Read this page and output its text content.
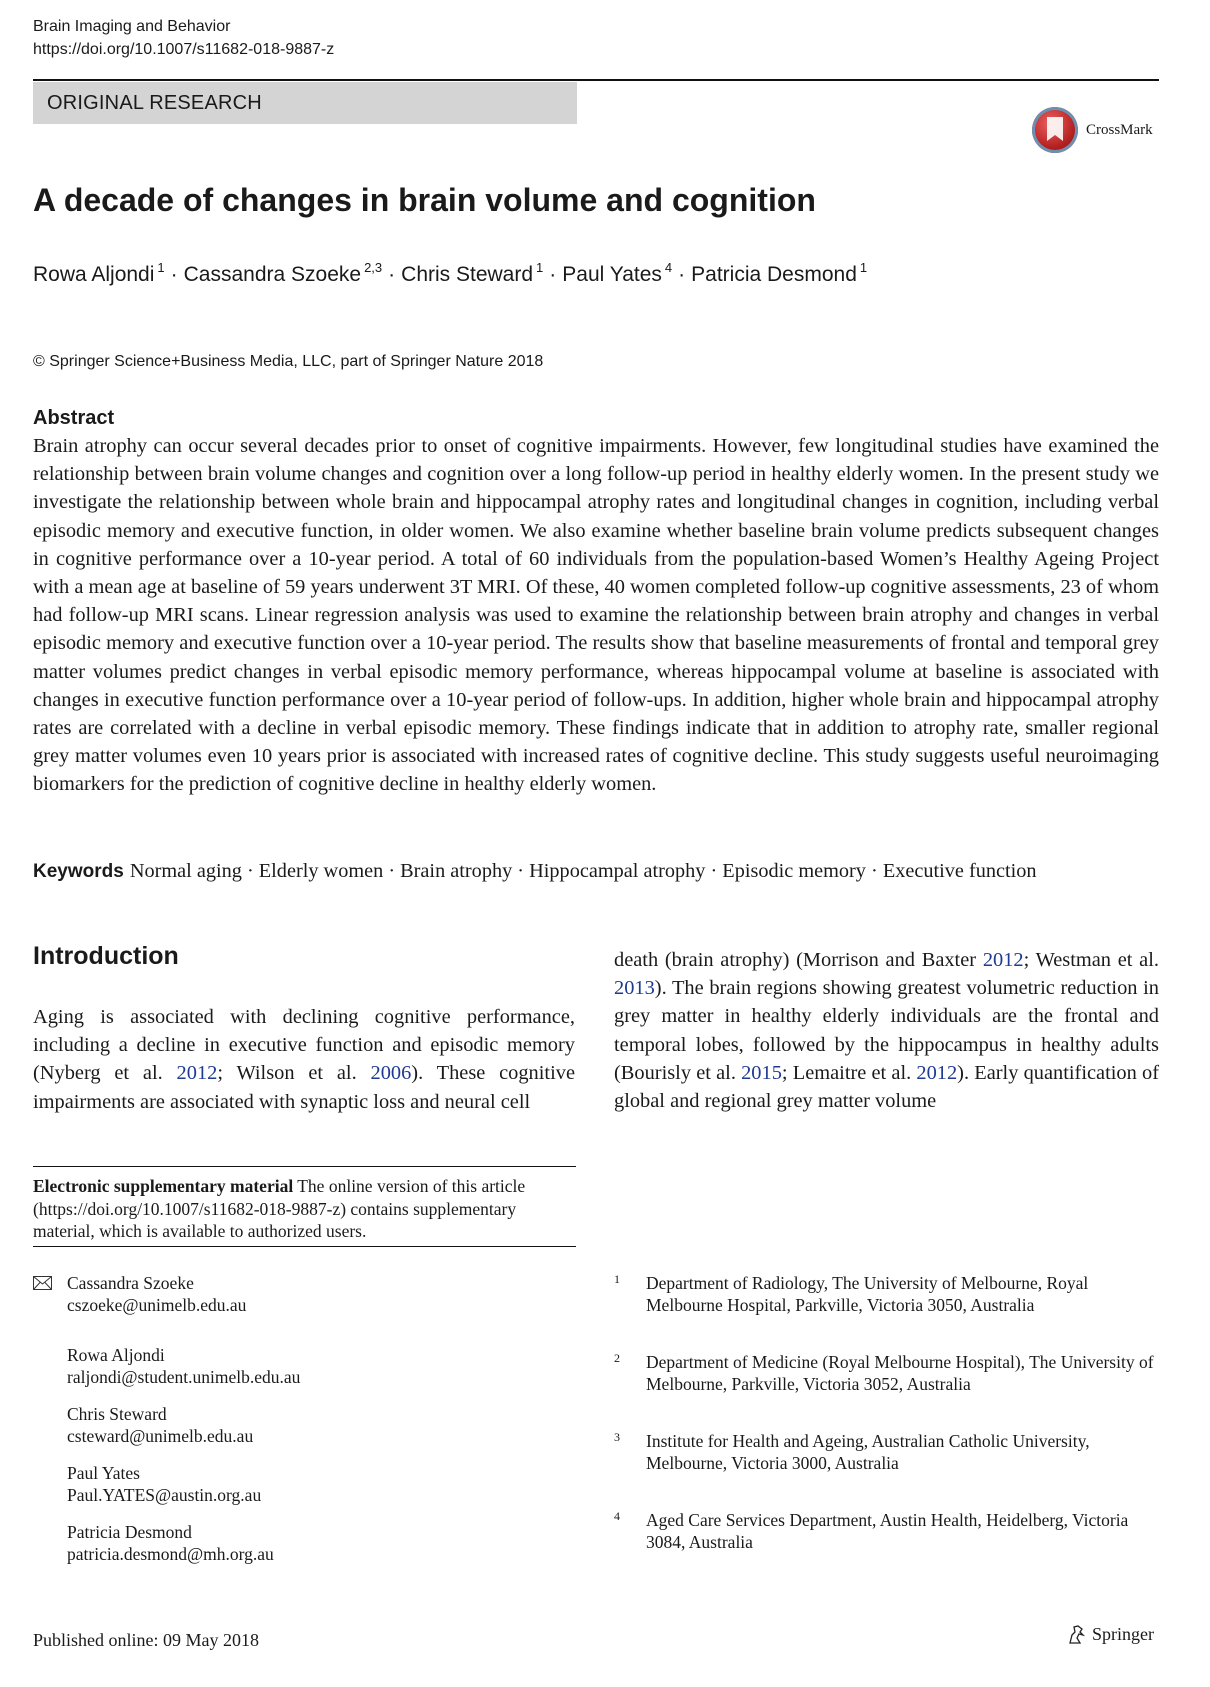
Brain Imaging and Behavior
https://doi.org/10.1007/s11682-018-9887-z
ORIGINAL RESEARCH
CrossMark
A decade of changes in brain volume and cognition
Rowa Aljondi $^1$ · Cassandra Szoeke $^{2,3}$ · Chris Steward $^1$ · Paul Yates $^4$ · Patricia Desmond $^1$
© Springer Science+Business Media, LLC, part of Springer Nature 2018
Abstract
Brain atrophy can occur several decades prior to onset of cognitive impairments. However, few longitudinal studies have examined the relationship between brain volume changes and cognition over a long follow-up period in healthy elderly women. In the present study we investigate the relationship between whole brain and hippocampal atrophy rates and longitudinal changes in cognition, including verbal episodic memory and executive function, in older women. We also examine whether baseline brain volume predicts subsequent changes in cognitive performance over a 10-year period. A total of 60 individuals from the population-based Women’s Healthy Ageing Project with a mean age at baseline of 59 years underwent 3T MRI. Of these, 40 women completed follow-up cognitive assessments, 23 of whom had follow-up MRI scans. Linear regression analysis was used to examine the relationship between brain atrophy and changes in verbal episodic memory and executive function over a 10-year period. The results show that baseline measurements of frontal and temporal grey matter volumes predict changes in verbal episodic memory performance, whereas hippocampal volume at baseline is associated with changes in executive function performance over a 10-year period of follow-ups. In addition, higher whole brain and hippocampal atrophy rates are correlated with a decline in verbal episodic memory. These findings indicate that in addition to atrophy rate, smaller regional grey matter volumes even 10 years prior is associated with increased rates of cognitive decline. This study suggests useful neuroimaging biomarkers for the prediction of cognitive decline in healthy elderly women.
Keywords Normal aging · Elderly women · Brain atrophy · Hippocampal atrophy · Episodic memory · Executive function
Introduction
Aging is associated with declining cognitive performance, including a decline in executive function and episodic memory (Nyberg et al. 2012; Wilson et al. 2006). These cognitive impairments are associated with synaptic loss and neural cell
death (brain atrophy) (Morrison and Baxter 2012; Westman et al. 2013). The brain regions showing greatest volumetric reduction in grey matter in healthy elderly individuals are the frontal and temporal lobes, followed by the hippocampus in healthy adults (Bourisly et al. 2015; Lemaitre et al. 2012). Early quantification of global and regional grey matter volume
Electronic supplementary material The online version of this article (https://doi.org/10.1007/s11682-018-9887-z) contains supplementary material, which is available to authorized users.
Cassandra Szoeke
cszoeke@unimelb.edu.au
Rowa Aljondi
raljondi@student.unimelb.edu.au
Chris Steward
csteward@unimelb.edu.au
Paul Yates
Paul.YATES@austin.org.au
Patricia Desmond
patricia.desmond@mh.org.au
1 Department of Radiology, The University of Melbourne, Royal Melbourne Hospital, Parkville, Victoria 3050, Australia
2 Department of Medicine (Royal Melbourne Hospital), The University of Melbourne, Parkville, Victoria 3052, Australia
3 Institute for Health and Ageing, Australian Catholic University, Melbourne, Victoria 3000, Australia
4 Aged Care Services Department, Austin Health, Heidelberg, Victoria 3084, Australia
Published online: 09 May 2018	Springer
